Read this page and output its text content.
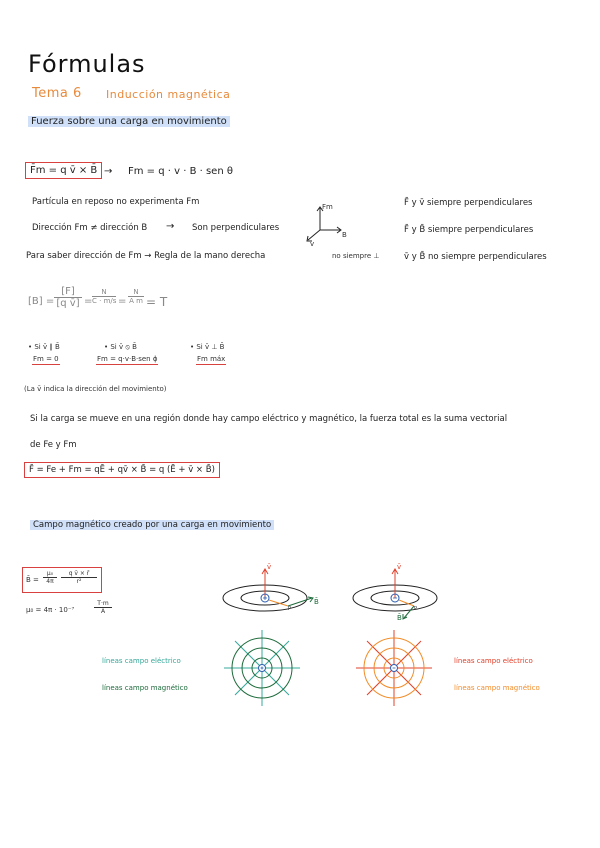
Fórmulas
Tema 6 Inducción magnética
Fuerza sobre una carga en movimiento
F̄m = q v̄ × B̄ → Fm = q · v · B · sen θ
Partícula en reposo no experimenta Fm
Dirección Fm ≠ dirección B → Son perpendiculares
Para saber dirección de Fm → Regla de la mano derecha
Fm
B
v
no siempre ⊥
F̄ y v̄ siempre perpendiculares
F̄ y B̄ siempre perpendiculares
v̄ y B̄ no siempre perpendiculares
$[B] = \frac{[F]}{\text{[q v̄]}}$ =
N
C · m/s =
N
A m = T
• Si v̄ ∥ B̄
Fm = 0
• Si v̄ ⦸ B̄
Fm = q·v·B·sen ϕ
• Si v̄ ⊥ B̄
Fm máx
(La v̄ indica la dirección del movimiento)
Si la carga se mueve en una región donde hay campo eléctrico y magnético, la fuerza total es la suma vectorial
de Fe y Fm
F̄ = Fe + Fm = qĒ + qv̄ × B̄ = q (Ē + v̄ × B̄)
Campo magnético creado por una carga en movimiento
B̄ = $\frac{\text{μ₀}}{4\pi} \frac{\text{q v̄ × r̄}}{\text{r²}}$
μ₀ = 4π · 10⁻⁷	$\frac{T\cdot m}{A}$
v̄
B̄
P
v̄
B̄
P
líneas campo eléctrico
líneas campo magnético
líneas campo eléctrico
líneas campo magnético
